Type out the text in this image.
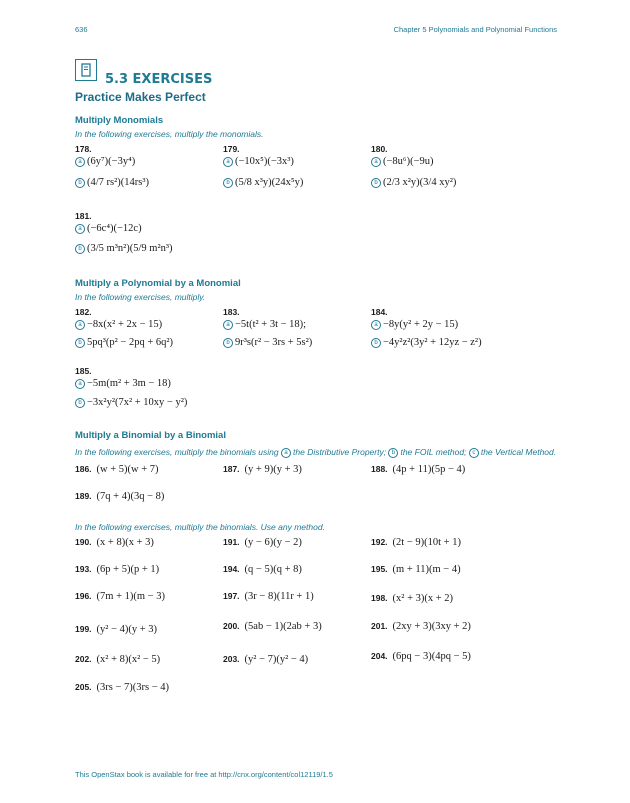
636	Chapter 5 Polynomials and Polynomial Functions
5.3 EXERCISES
Practice Makes Perfect
Multiply Monomials
In the following exercises, multiply the monomials.
178.
a (6y⁷)(−3y⁴)
b (4/7 rs²)(14rs³)
179.
a (−10x⁵)(−3x³)
b (5/8 x³y)(24x⁵y)
180.
a (−8u⁶)(−9u)
b (2/3 x²y)(3/4 xy²)
181.
a (−6c⁴)(−12c)
b (3/5 m³n²)(5/9 m²n³)
Multiply a Polynomial by a Monomial
In the following exercises, multiply.
182.
a −8x(x² + 2x − 15)
b 5pq³(p² − 2pq + 6q²)
183.
a −5t(t² + 3t − 18);
b 9r³s(r² − 3rs + 5s²)
184.
a −8y(y² + 2y − 15)
b −4y²z²(3y² + 12yz − z²)
185.
a −5m(m² + 3m − 18)
b −3x²y²(7x² + 10xy − y²)
Multiply a Binomial by a Binomial
In the following exercises, multiply the binomials using a the Distributive Property; b the FOIL method; c the Vertical Method.
186. (w + 5)(w + 7)	187. (y + 9)(y + 3)	188. (4p + 11)(5p − 4)
189. (7q + 4)(3q − 8)
In the following exercises, multiply the binomials. Use any method.
190. (x + 8)(x + 3)	191. (y − 6)(y − 2)	192. (2t − 9)(10t + 1)
193. (6p + 5)(p + 1)	194. (q − 5)(q + 8)	195. (m + 11)(m − 4)
196. (7m + 1)(m − 3)	197. (3r − 8)(11r + 1)	198. (x² + 3)(x + 2)
199. (y² − 4)(y + 3)	200. (5ab − 1)(2ab + 3)	201. (2xy + 3)(3xy + 2)
202. (x² + 8)(x² − 5)	203. (y² − 7)(y² − 4)	204. (6pq − 3)(4pq − 5)
205. (3rs − 7)(3rs − 4)
This OpenStax book is available for free at http://cnx.org/content/col12119/1.5
